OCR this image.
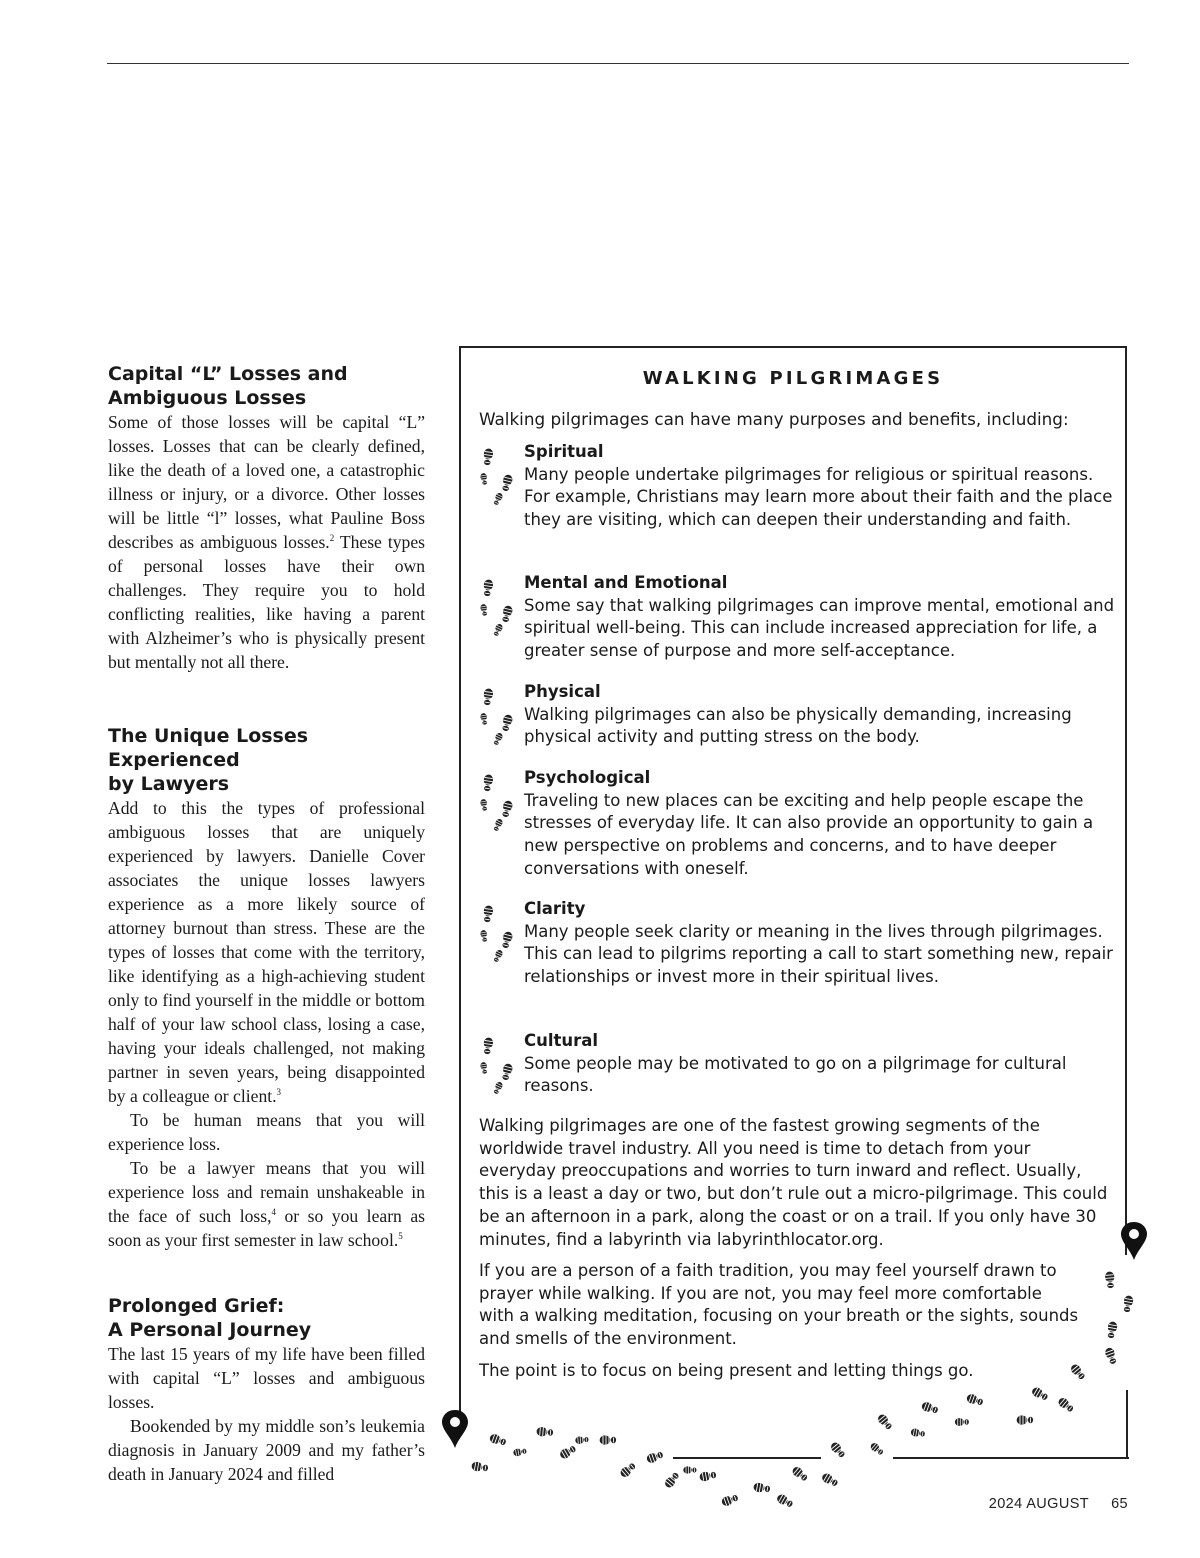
Capital “L” Losses and
Ambiguous Losses

Some of those losses will be capital “L” losses. Losses that can be clearly defined, like the death of a loved one, a catastrophic illness or injury, or a divorce. Other losses will be little “l” losses, what Pauline Boss describes as ambiguous losses.$^2$ These types of personal losses have their own challenges. They require you to hold conflicting realities, like having a parent with Alzheimer’s who is physically present but mentally not all there.

The Unique Losses Experienced
by Lawyers

Add to this the types of professional ambiguous losses that are uniquely experienced by lawyers. Danielle Cover associates the unique losses lawyers experience as a more likely source of attorney burnout than stress. These are the types of losses that come with the territory, like identifying as a high-achieving student only to find yourself in the middle or bottom half of your law school class, losing a case, having your ideals challenged, not making partner in seven years, being disappointed by a colleague or client.$^3$

To be human means that you will experience loss.

To be a lawyer means that you will experience loss and remain unshakeable in the face of such loss,$^4$ or so you learn as soon as your first semester in law school.$^5$

Prolonged Grief:
A Personal Journey

The last 15 years of my life have been filled with capital “L” losses and ambiguous losses.

Bookended by my middle son’s leukemia diagnosis in January 2009 and my father’s death in January 2024 and filled

WALKING PILGRIMAGES
Walking pilgrimages can have many purposes and benefits, including:
Spiritual
Many people undertake pilgrimages for religious or spiritual reasons. For example, Christians may learn more about their faith and the place they are visiting, which can deepen their understanding and faith.
Mental and Emotional
Some say that walking pilgrimages can improve mental, emotional and spiritual well-being. This can include increased appreciation for life, a greater sense of purpose and more self-acceptance.
Physical
Walking pilgrimages can also be physically demanding, increasing physical activity and putting stress on the body.
Psychological
Traveling to new places can be exciting and help people escape the stresses of everyday life. It can also provide an opportunity to gain a new perspective on problems and concerns, and to have deeper conversations with oneself.
Clarity
Many people seek clarity or meaning in the lives through pilgrimages. This can lead to pilgrims reporting a call to start something new, repair relationships or invest more in their spiritual lives.
Cultural
Some people may be motivated to go on a pilgrimage for cultural reasons.

Walking pilgrimages are one of the fastest growing segments of the worldwide travel industry. All you need is time to detach from your everyday preoccupations and worries to turn inward and reflect. Usually, this is a least a day or two, but don’t rule out a micro-pilgrimage. This could be an afternoon in a park, along the coast or on a trail. If you only have 30 minutes, find a labyrinth via labyrinthlocator.org.

If you are a person of a faith tradition, you may feel yourself drawn to prayer while walking. If you are not, you may feel more comfortable with a walking meditation, focusing on your breath or the sights, sounds and smells of the environment.

The point is to focus on being present and letting things go.

2024 AUGUST 65
